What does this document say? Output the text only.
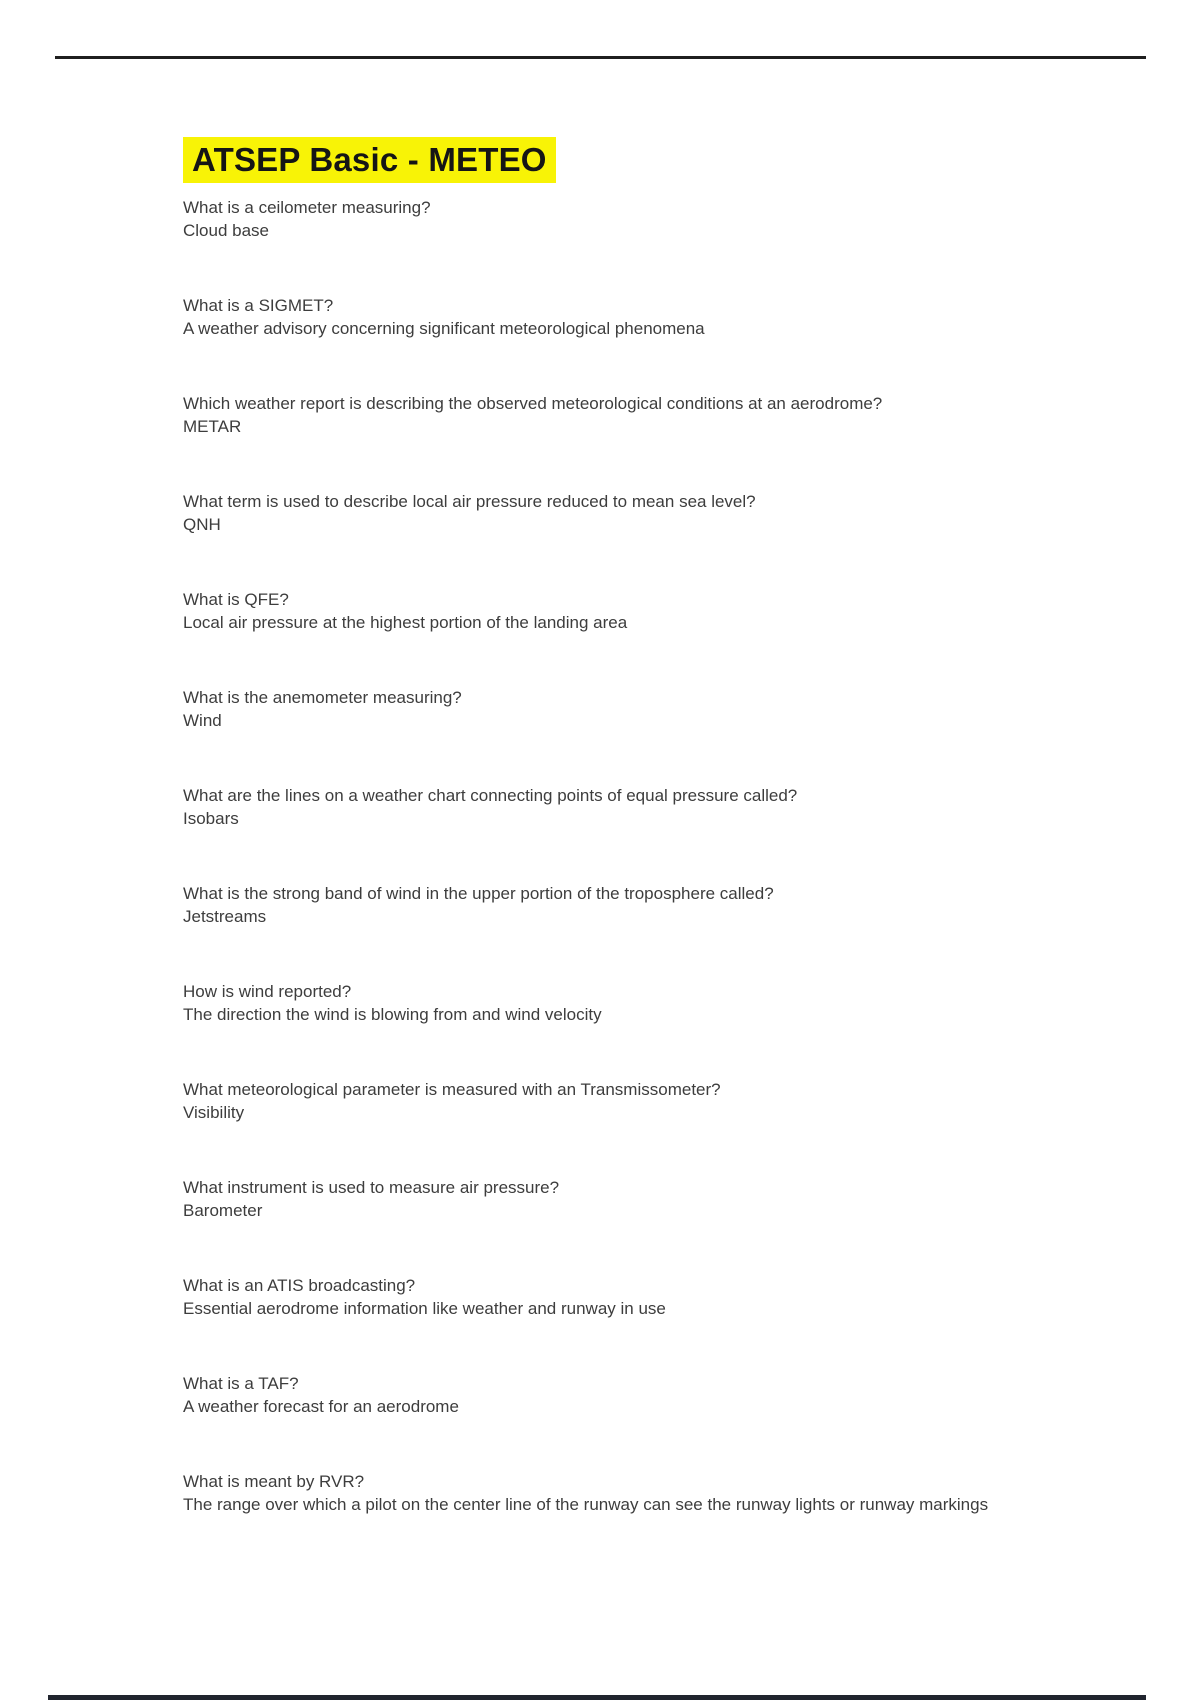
ATSEP Basic - METEO
What is a ceilometer measuring?
Cloud base
What is a SIGMET?
A weather advisory concerning significant meteorological phenomena
Which weather report is describing the observed meteorological conditions at an aerodrome?
METAR
What term is used to describe local air pressure reduced to mean sea level?
QNH
What is QFE?
Local air pressure at the highest portion of the landing area
What is the anemometer measuring?
Wind
What are the lines on a weather chart connecting points of equal pressure called?
Isobars
What is the strong band of wind in the upper portion of the troposphere called?
Jetstreams
How is wind reported?
The direction the wind is blowing from and wind velocity
What meteorological parameter is measured with an Transmissometer?
Visibility
What instrument is used to measure air pressure?
Barometer
What is an ATIS broadcasting?
Essential aerodrome information like weather and runway in use
What is a TAF?
A weather forecast for an aerodrome
What is meant by RVR?
The range over which a pilot on the center line of the runway can see the runway lights or runway markings
